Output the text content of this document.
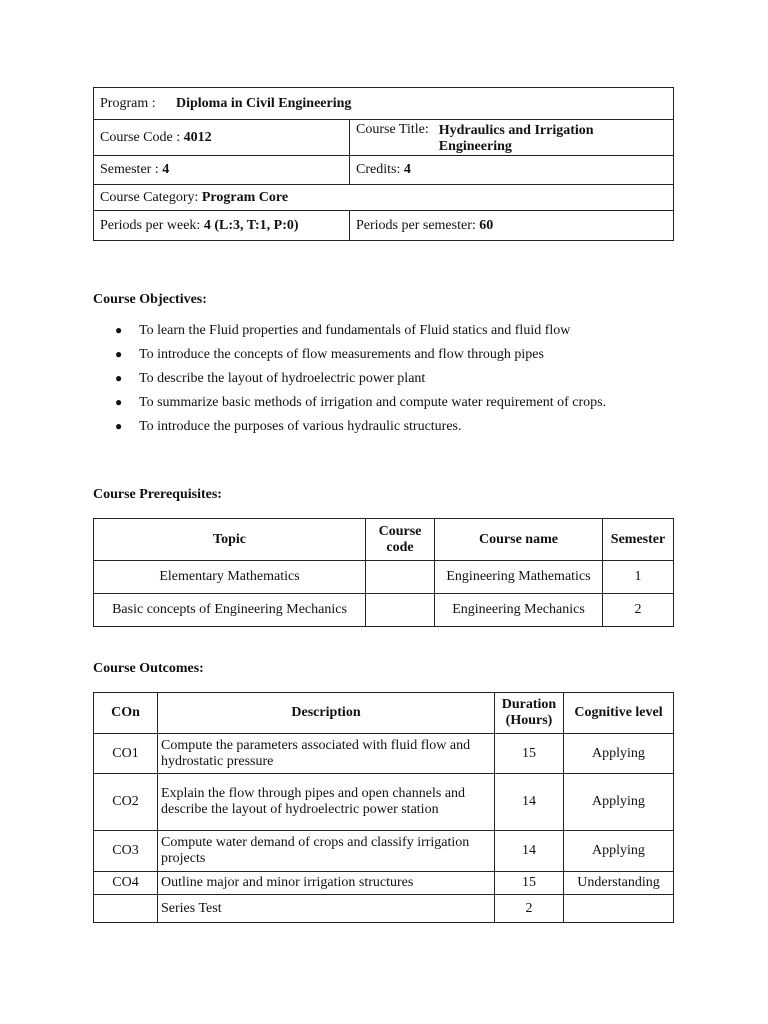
Program : Diploma in Civil Engineering	
Course Code : 4012	Course Title: Hydraulics and Irrigation Engineering

Semester : 4	Credits: 4
Course Category: Program Core	
Periods per week: 4 (L:3, T:1, P:0)	Periods per semester: 60
Course Objectives:
● To learn the Fluid properties and fundamentals of Fluid statics and fluid flow
● To introduce the concepts of flow measurements and flow through pipes
● To describe the layout of hydroelectric power plant
● To summarize basic methods of irrigation and compute water requirement of crops.
● To introduce the purposes of various hydraulic structures.
Course Prerequisites:
Topic	Course code	Course name	Semester
Elementary Mathematics		Engineering Mathematics	1
Basic concepts of Engineering Mechanics		Engineering Mechanics	2
Course Outcomes:
COn	Description	Duration (Hours)	Cognitive level
CO1	Compute the parameters associated with fluid flow and hydrostatic pressure	15	Applying
CO2	Explain the flow through pipes and open channels and describe the layout of hydroelectric power station	14	Applying
CO3	Compute water demand of crops and classify irrigation projects	14	Applying
CO4	Outline major and minor irrigation structures	15	Understanding
	Series Test	2	
